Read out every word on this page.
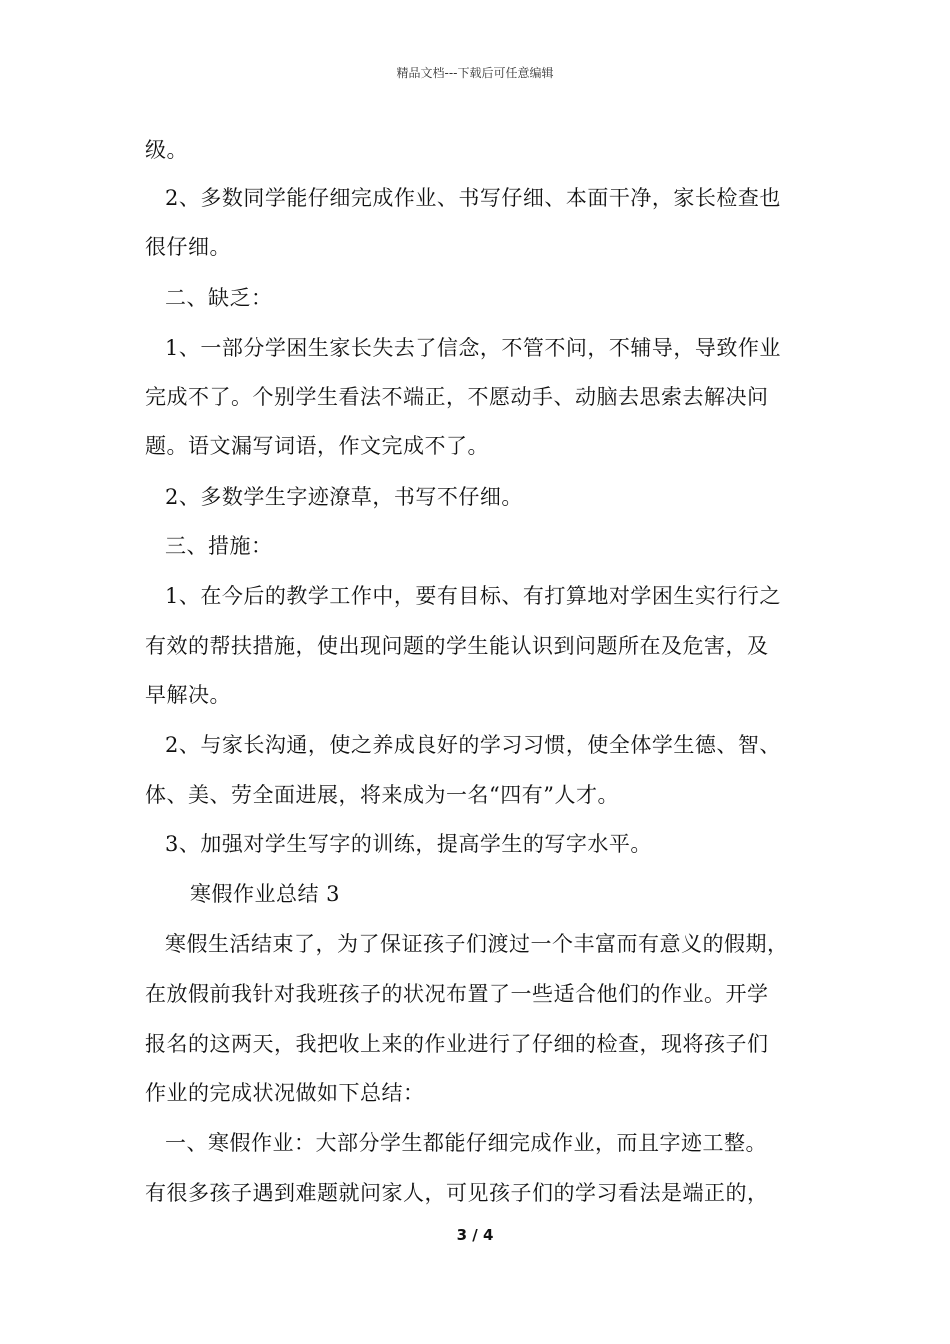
精品文档---下载后可任意编辑
级。
2、多数同学能仔细完成作业、书写仔细、本面干净，家长检查也
很仔细。
二、缺乏：
1、一部分学困生家长失去了信念，不管不问，不辅导，导致作业
完成不了。个别学生看法不端正，不愿动手、动脑去思索去解决问
题。语文漏写词语，作文完成不了。
2、多数学生字迹潦草，书写不仔细。
三、措施：
1、在今后的教学工作中，要有目标、有打算地对学困生实行行之
有效的帮扶措施，使出现问题的学生能认识到问题所在及危害，及
早解决。
2、与家长沟通，使之养成良好的学习习惯，使全体学生德、智、
体、美、劳全面进展，将来成为一名“四有”人才。
3、加强对学生写字的训练，提高学生的写字水平。
寒假作业总结 3
寒假生活结束了，为了保证孩子们渡过一个丰富而有意义的假期，
在放假前我针对我班孩子的状况布置了一些适合他们的作业。开学
报名的这两天，我把收上来的作业进行了仔细的检查，现将孩子们
作业的完成状况做如下总结：
一、寒假作业：大部分学生都能仔细完成作业，而且字迹工整。
有很多孩子遇到难题就问家人，可见孩子们的学习看法是端正的，
3 / 4
